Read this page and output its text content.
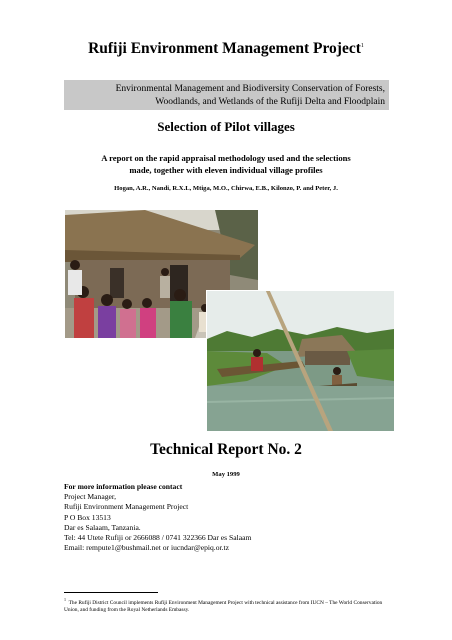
Rufiji Environment Management Project$^1$
Environmental Management and Biodiversity Conservation of Forests,
Woodlands, and Wetlands of the Rufiji Delta and Floodplain
Selection of Pilot villages
A report on the rapid appraisal methodology used and the selections
made, together with eleven individual village profiles
Hogan, A.R., Nandi, R.X.L, Mtiga, M.O., Chirwa, E.B., Kilonzo, P. and Peter, J.
Technical Report No. 2
May 1999
For more information please contact
Project Manager,
Rufiji Environment Management Project
P O Box 13513
Dar es Salaam, Tanzania.
Tel: 44 Utete Rufiji or 2666088 / 0741 322366 Dar es Salaam
Email: rempute1@bushmail.net or iucndar@epiq.or.tz
$^1$  The Rufiji District Council implements Rufiji Environment Management Project with technical assistance from IUCN – The World Conservation Union, and funding from the Royal Netherlands Embassy.
